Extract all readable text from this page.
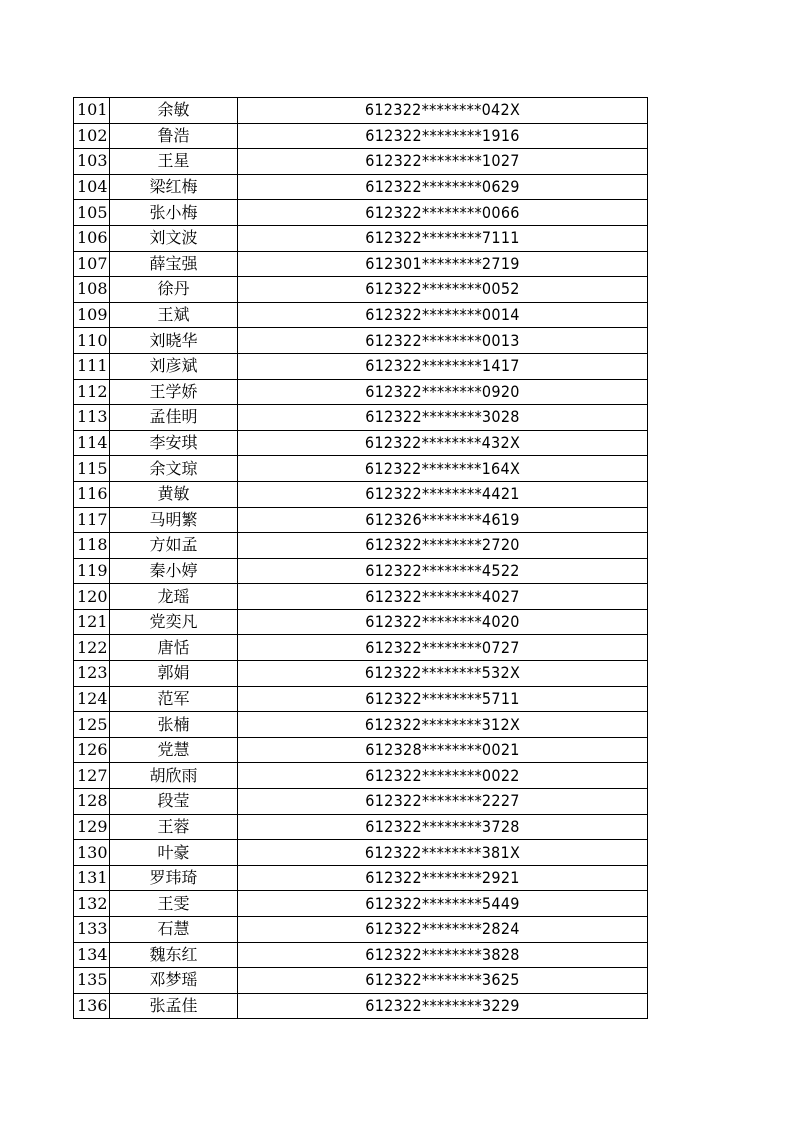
101	余敏	612322********042X
102	鲁浩	612322********1916
103	王星	612322********1027
104	梁红梅	612322********0629
105	张小梅	612322********0066
106	刘文波	612322********7111
107	薛宝强	612301********2719
108	徐丹	612322********0052
109	王斌	612322********0014
110	刘晓华	612322********0013
111	刘彦斌	612322********1417
112	王学娇	612322********0920
113	孟佳明	612322********3028
114	李安琪	612322********432X
115	余文琼	612322********164X
116	黄敏	612322********4421
117	马明繁	612326********4619
118	方如孟	612322********2720
119	秦小婷	612322********4522
120	龙瑶	612322********4027
121	党奕凡	612322********4020
122	唐恬	612322********0727
123	郭娟	612322********532X
124	范军	612322********5711
125	张楠	612322********312X
126	党慧	612328********0021
127	胡欣雨	612322********0022
128	段莹	612322********2227
129	王蓉	612322********3728
130	叶豪	612322********381X
131	罗玮琦	612322********2921
132	王雯	612322********5449
133	石慧	612322********2824
134	魏东红	612322********3828
135	邓梦瑶	612322********3625
136	张孟佳	612322********3229
